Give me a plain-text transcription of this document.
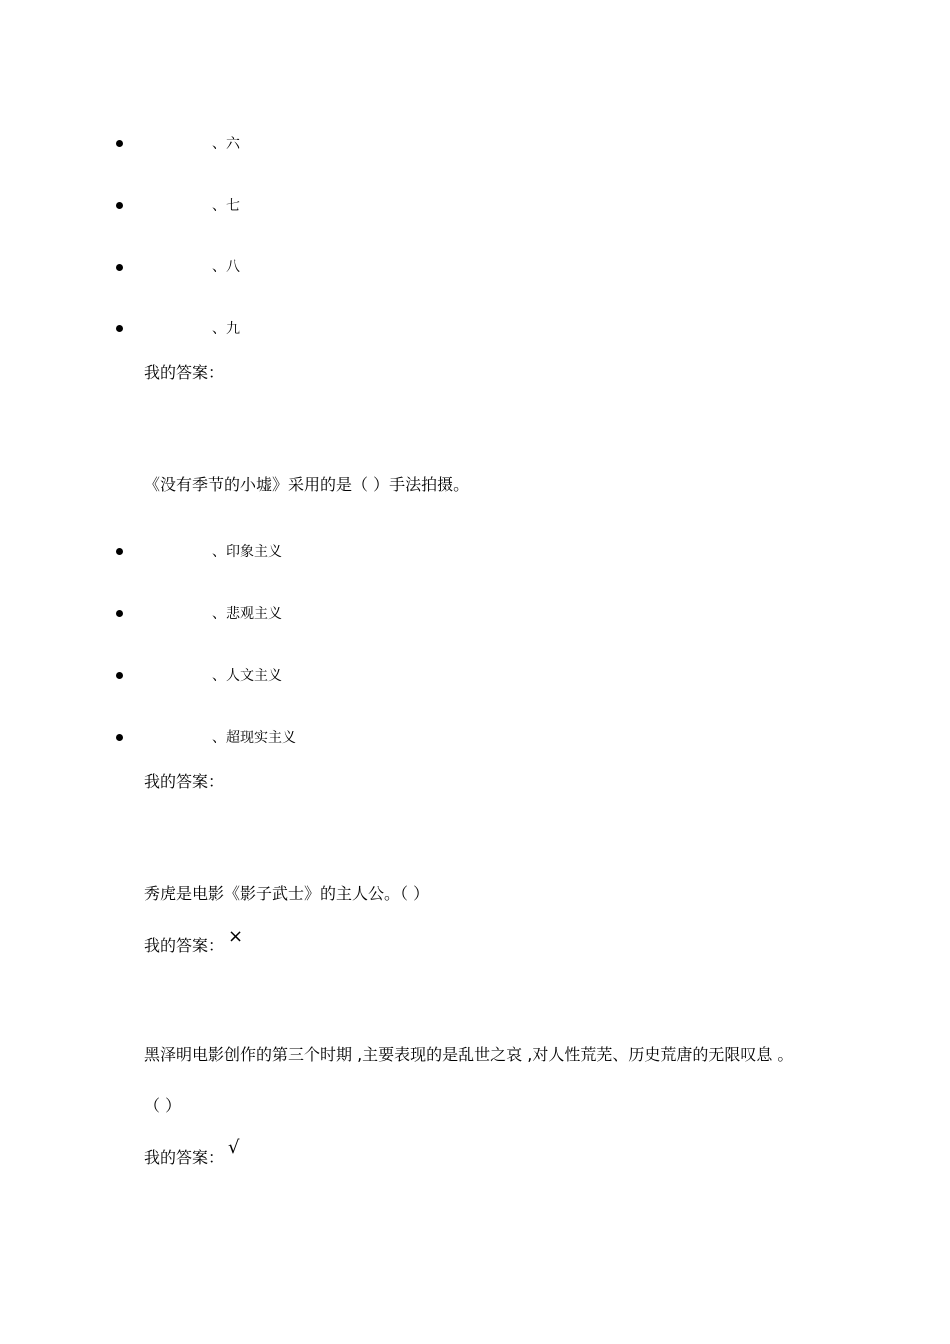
、六
、七
、八
、九
我的答案：
《没有季节的小墟》采用的是（ ）手法拍摄。
、印象主义
、悲观主义
、人文主义
、超现实主义
我的答案：
秀虎是电影《影子武士》的主人公。（ ）
我的答案： ×
黑泽明电影创作的第三个时期 ,主要表现的是乱世之哀 ,对人性荒芜、历史荒唐的无限叹息 。
（ ）
我的答案： √
